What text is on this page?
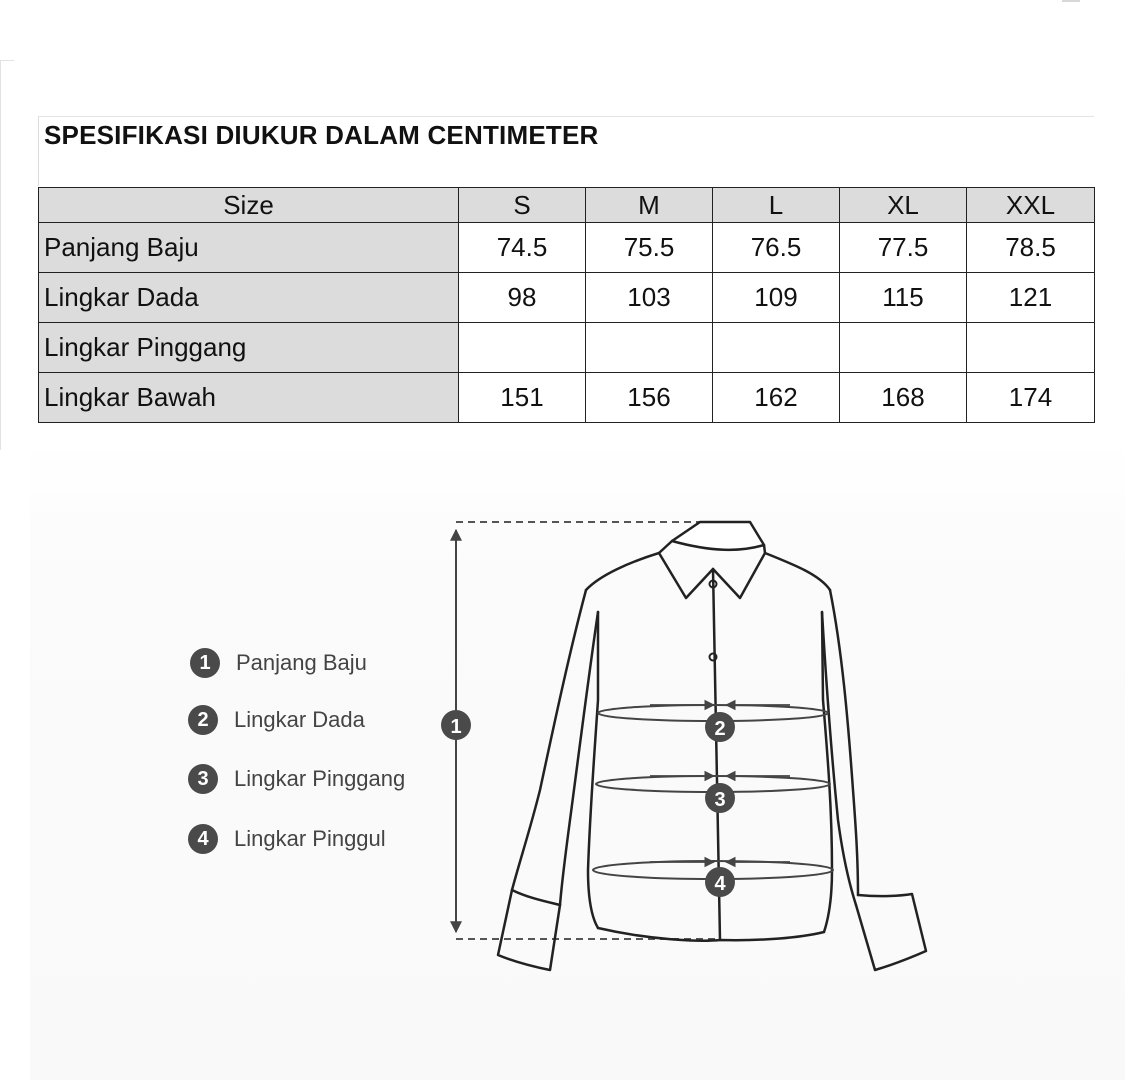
SPESIFIKASI DIUKUR DALAM CENTIMETER
Size	S	M	L	XL	XXL
Panjang Baju	74.5	75.5	76.5	77.5	78.5
Lingkar Dada	98	103	109	115	121
Lingkar Pinggang					
Lingkar Bawah	151	156	162	168	174
1	Panjang Baju
2	Lingkar Dada
3	Lingkar Pinggang
4	Lingkar Pinggul
1	2
3
4
